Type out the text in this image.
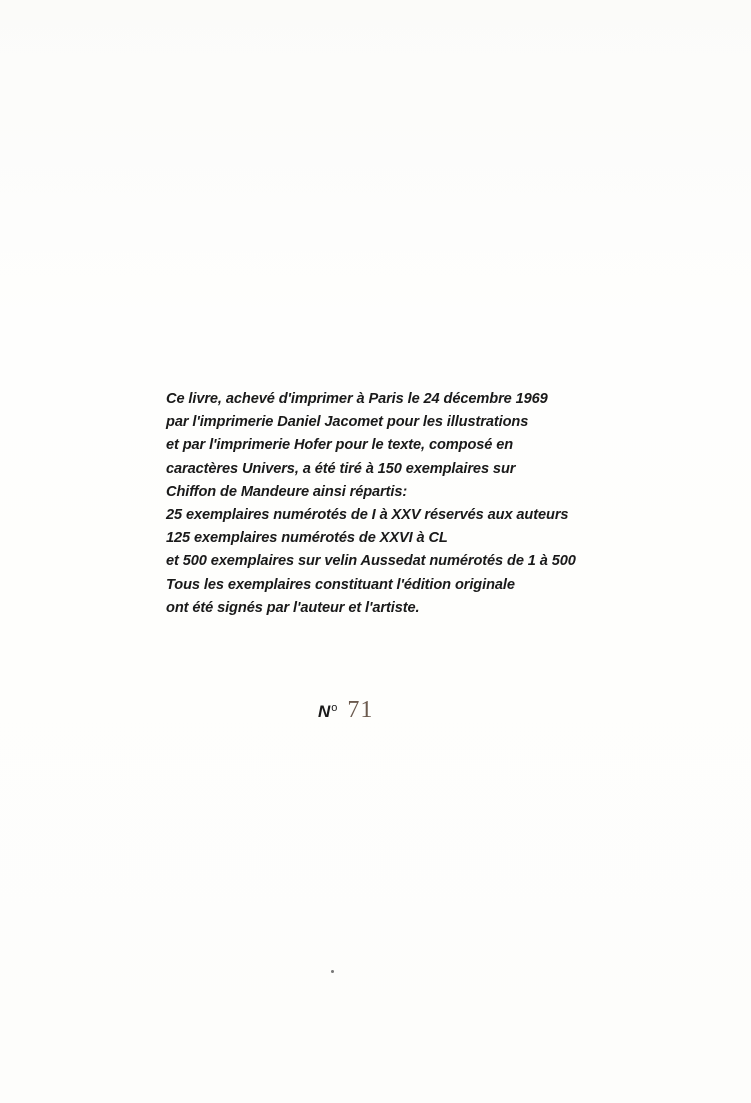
Ce livre, achevé d'imprimer à Paris le 24 décembre 1969
par l'imprimerie Daniel Jacomet pour les illustrations
et par l'imprimerie Hofer pour le texte, composé en
caractères Univers, a été tiré à 150 exemplaires sur
Chiffon de Mandeure ainsi répartis:
25 exemplaires numérotés de I à XXV réservés aux auteurs
125 exemplaires numérotés de XXVI à CL
et 500 exemplaires sur velin Aussedat numérotés de 1 à 500
Tous les exemplaires constituant l'édition originale
ont été signés par l'auteur et l'artiste.
$N^o$ 71
